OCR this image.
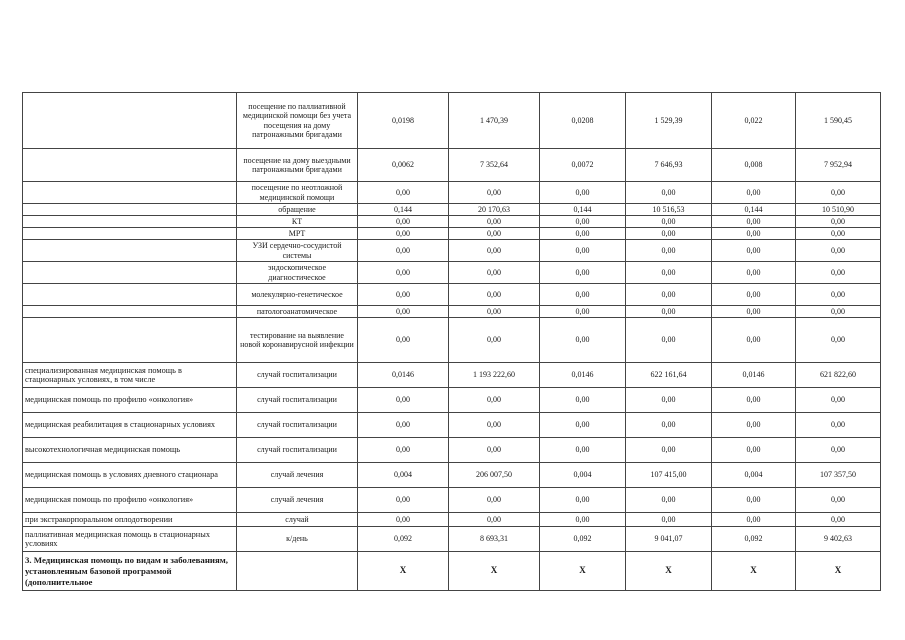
	посещение по паллиативной медицинской помощи без учета посещения на дому патронажными бригадами	0,0198	1 470,39	0,0208	1 529,39	0,022	1 590,45
	посещение на дому выездными патронажными бригадами	0,0062	7 352,64	0,0072	7 646,93	0,008	7 952,94
	посещение по неотложной медицинской помощи	0,00	0,00	0,00	0,00	0,00	0,00
	обращение	0,144	20 170,63	0,144	10 516,53	0,144	10 510,90
	КТ	0,00	0,00	0,00	0,00	0,00	0,00
	МРТ	0,00	0,00	0,00	0,00	0,00	0,00
	УЗИ сердечно-сосудистой системы	0,00	0,00	0,00	0,00	0,00	0,00
	эндоскопическое диагностическое	0,00	0,00	0,00	0,00	0,00	0,00
	молекулярно-генетическое	0,00	0,00	0,00	0,00	0,00	0,00
	патологоанатомическое	0,00	0,00	0,00	0,00	0,00	0,00
	тестирование на выявление новой коронавирусной инфекции	0,00	0,00	0,00	0,00	0,00	0,00
специализированная медицинская помощь в стационарных условиях, в том числе	случай госпитализации	0,0146	1 193 222,60	0,0146	622 161,64	0,0146	621 822,60
медицинская помощь по профилю «онкология»	случай госпитализации	0,00	0,00	0,00	0,00	0,00	0,00
медицинская реабилитация в стационарных условиях	случай госпитализации	0,00	0,00	0,00	0,00	0,00	0,00
высокотехнологичная медицинская помощь	случай госпитализации	0,00	0,00	0,00	0,00	0,00	0,00
медицинская помощь в условиях дневного стационара	случай лечения	0,004	206 007,50	0,004	107 415,00	0,004	107 357,50
медицинская помощь по профилю «онкология»	случай лечения	0,00	0,00	0,00	0,00	0,00	0,00
при экстракорпоральном оплодотворении	случай	0,00	0,00	0,00	0,00	0,00	0,00
паллиативная медицинская помощь в стационарных условиях	к/день	0,092	8 693,31	0,092	9 041,07	0,092	9 402,63
3. Медицинская помощь по видам и заболеваниям, установленным базовой программой (дополнительное		X	X	X	X	X	X
